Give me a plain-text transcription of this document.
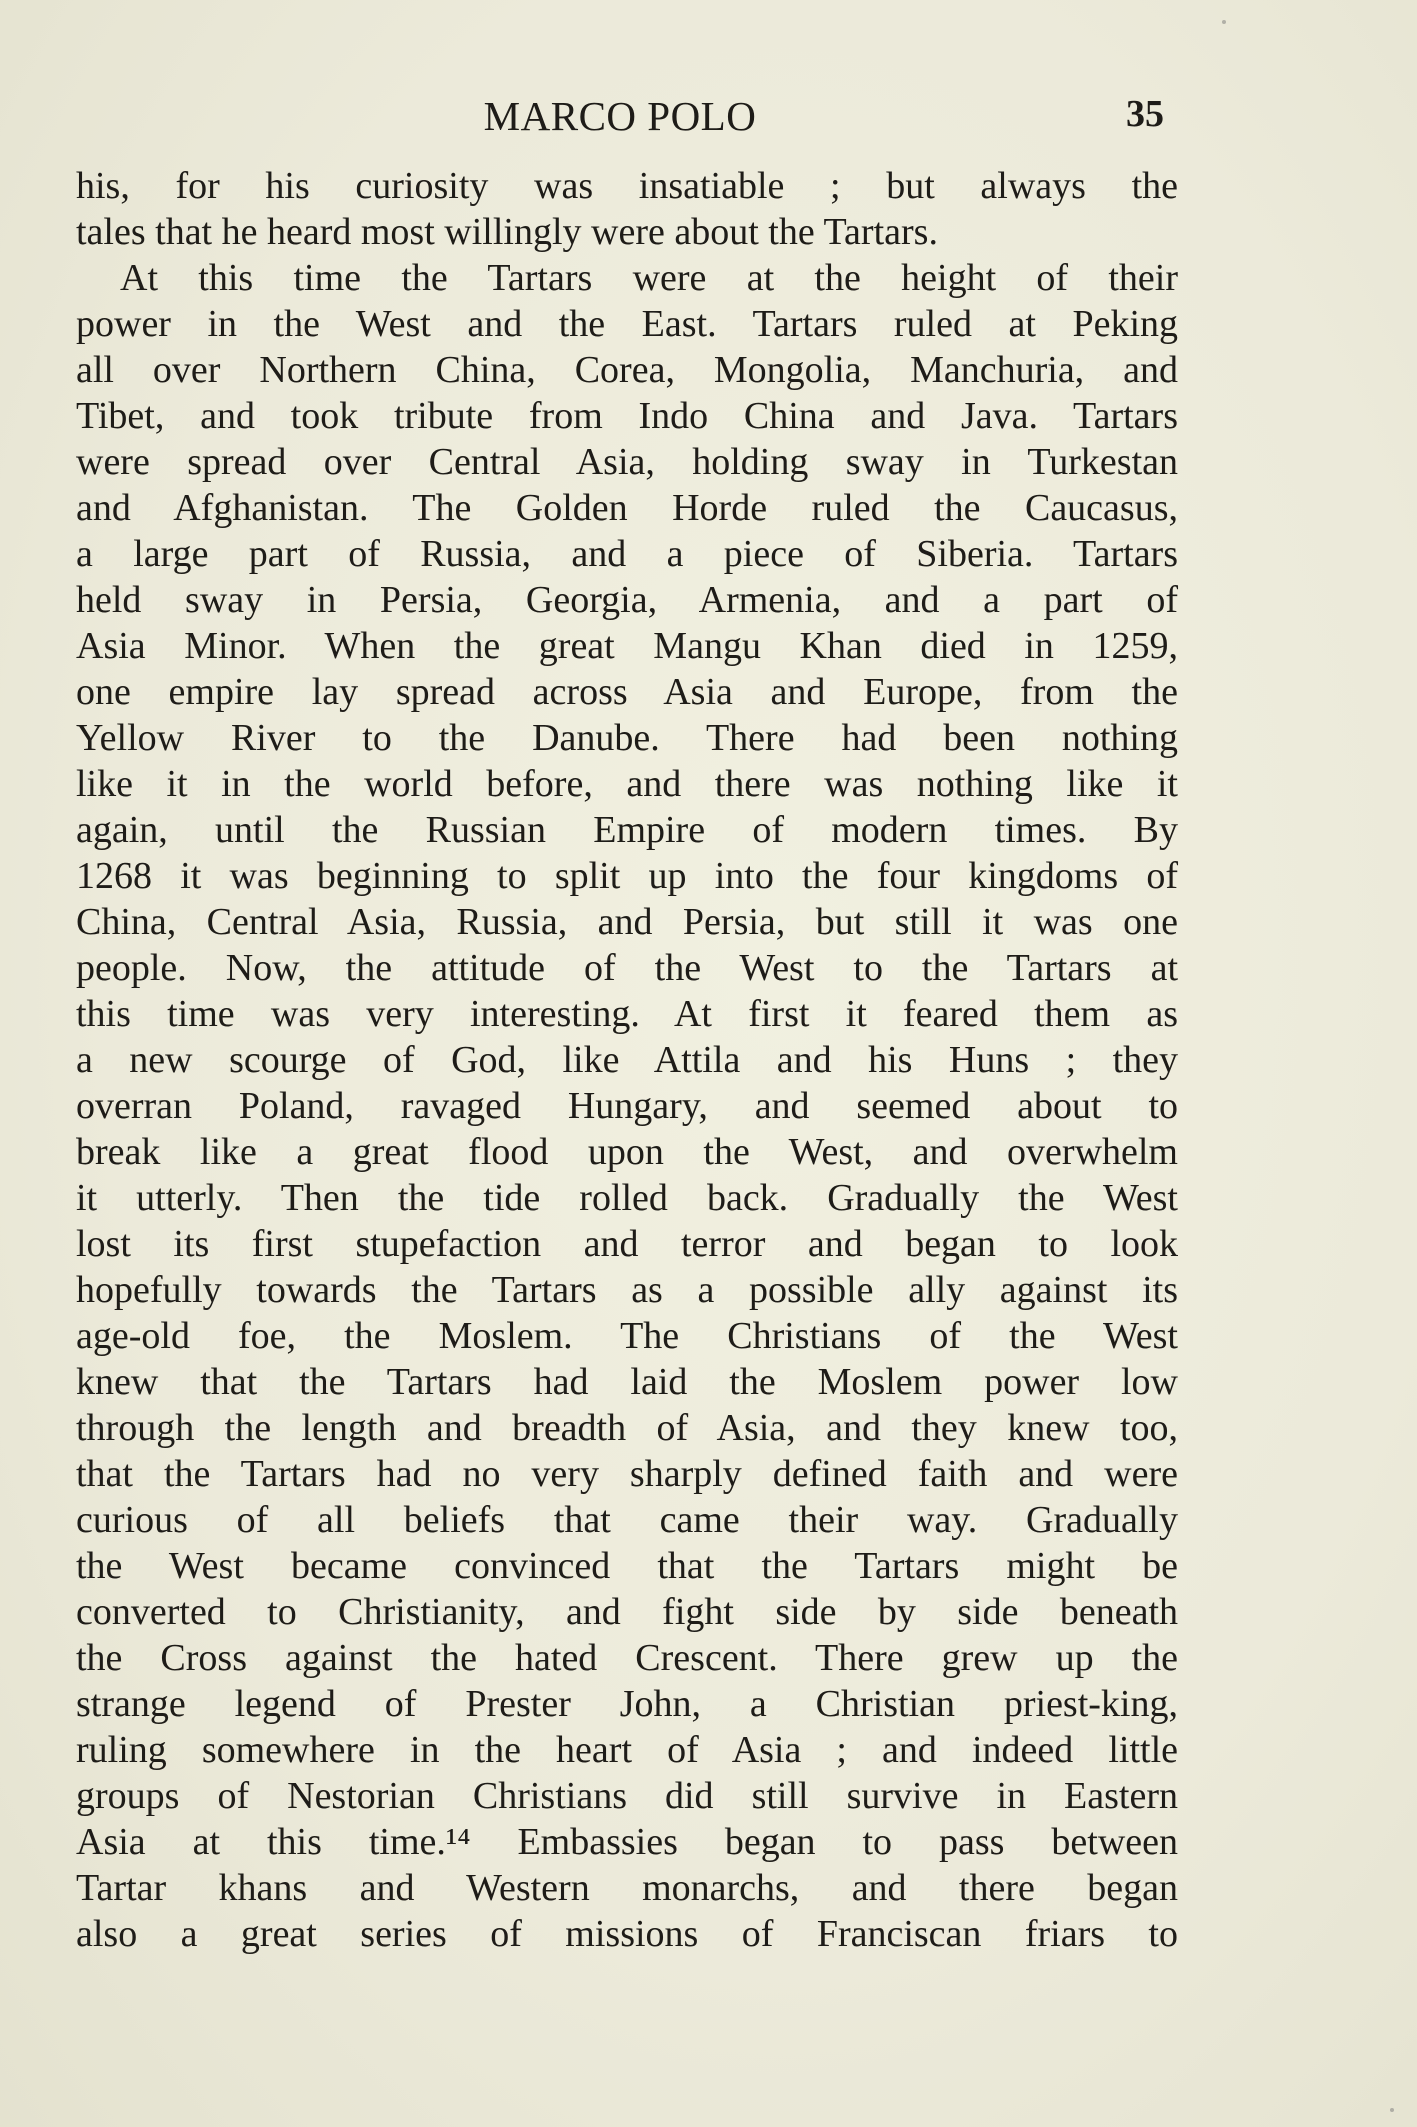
MARCO POLO	35
his, for his curiosity was insatiable ; but always the
tales that he heard most willingly were about the Tartars.
At this time the Tartars were at the height of their
power in the West and the East. Tartars ruled at Peking
all over Northern China, Corea, Mongolia, Manchuria, and
Tibet, and took tribute from Indo China and Java. Tartars
were spread over Central Asia, holding sway in Turkestan
and Afghanistan. The Golden Horde ruled the Caucasus,
a large part of Russia, and a piece of Siberia. Tartars
held sway in Persia, Georgia, Armenia, and a part of
Asia Minor. When the great Mangu Khan died in 1259,
one empire lay spread across Asia and Europe, from the
Yellow River to the Danube. There had been nothing
like it in the world before, and there was nothing like it
again, until the Russian Empire of modern times. By
1268 it was beginning to split up into the four kingdoms of
China, Central Asia, Russia, and Persia, but still it was one
people. Now, the attitude of the West to the Tartars at
this time was very interesting. At first it feared them as
a new scourge of God, like Attila and his Huns ; they
overran Poland, ravaged Hungary, and seemed about to
break like a great flood upon the West, and overwhelm
it utterly. Then the tide rolled back. Gradually the West
lost its first stupefaction and terror and began to look
hopefully towards the Tartars as a possible ally against its
age-old foe, the Moslem. The Christians of the West
knew that the Tartars had laid the Moslem power low
through the length and breadth of Asia, and they knew too,
that the Tartars had no very sharply defined faith and were
curious of all beliefs that came their way. Gradually
the West became convinced that the Tartars might be
converted to Christianity, and fight side by side beneath
the Cross against the hated Crescent. There grew up the
strange legend of Prester John, a Christian priest-king,
ruling somewhere in the heart of Asia ; and indeed little
groups of Nestorian Christians did still survive in Eastern
Asia at this time.¹⁴ Embassies began to pass between
Tartar khans and Western monarchs, and there began
also a great series of missions of Franciscan friars to
